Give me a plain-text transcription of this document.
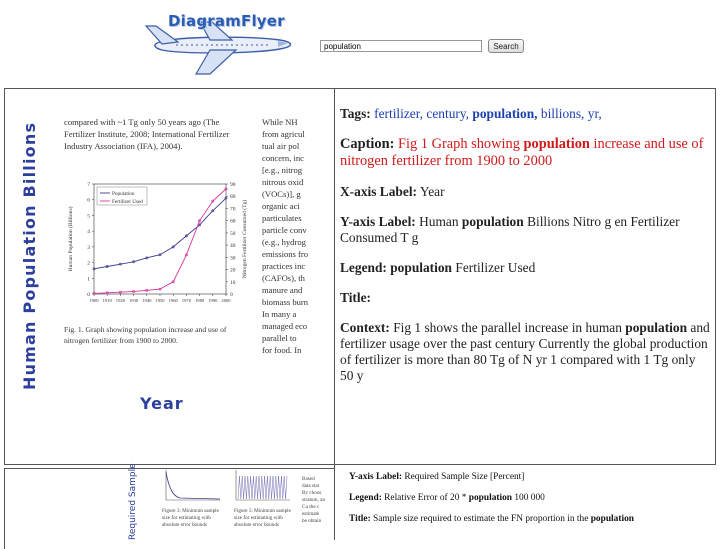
DiagramFlyer
population
Search
Human Population Billions
Year
compared with ~1 Tg only 50 years ago (The
Fertilizer Institute, 2008; International Fertilizer
Industry Association (IFA), 2004).
While NH
from agricul
tual air pol
concern, inc
[e.g., nitrog
nitrous oxid
(VOCs)], g
organic aci
particulates
particle conv
(e.g., hydrog
emissions fro
practices inc
(CAFOs), th
manure and
biomass burn
In many a
managed eco
parallel to
for food. In
0
1
2
3
4
5
6
7
0
10
20
30
40
50
60
70
80
90
1900 1910 1920 1930 1940 1950 1960 1970 1980 1990 2000
Human Population (Billions)	Nitrogen Fertilizer Consumed (Tg)
Population
Fertilizer Used
Fig. 1. Graph showing population increase and use of nitrogen fertilizer from 1900 to 2000.
Tags: fertilizer, century, population, billions, yr,
Caption: Fig 1 Graph showing population increase and use of nitrogen fertilizer from 1900 to 2000
X-axis Label: Year
Y-axis Label: Human population Billions Nitro g en Fertilizer Consumed T g
Legend: population Fertilizer Used
Title:
Context: Fig 1 shows the parallel increase in human population and fertilizer usage over the past century Currently the global production of fertilizer is more than 80 Tg of N yr 1 compared with 1 Tg only 50 y
Required Sample	Figure 3: Minimum sample size for estimating with absolute error bounds
Figure 5: Minimum sample size for estimating with absolute error bounds
Based
data stat
By choos
stratum, an
Cu the c
estimate
be obtain
Y-axis Label: Required Sample Size [Percent]
Legend: Relative Error of 20 * population 100 000
Title: Sample size required to estimate the FN proportion in the population
